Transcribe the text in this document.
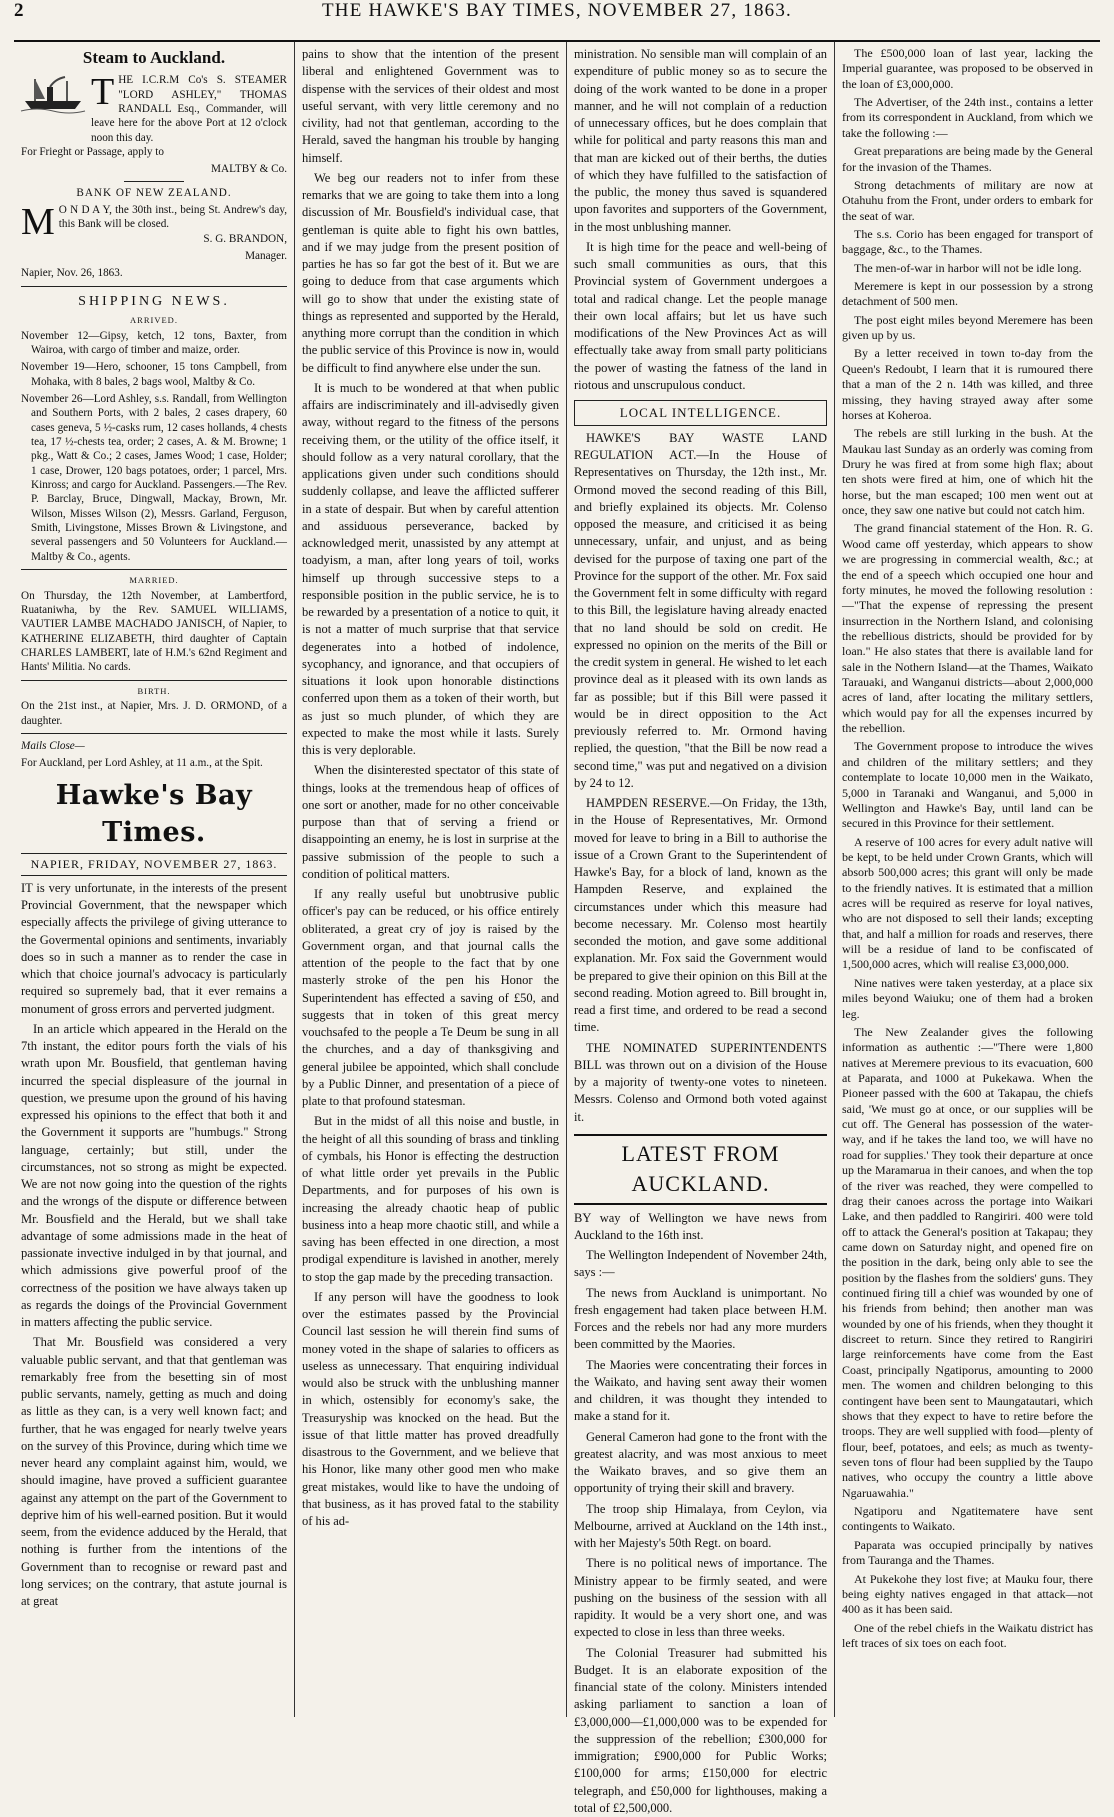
2	THE HAWKE'S BAY TIMES, NOVEMBER 27, 1863.
Steam to Auckland.
T HE I.C.R.M Co's S. STEAMER "LORD ASHLEY," THOMAS RANDALL Esq., Commander, will leave here for the above Port at 12 o'clock noon this day.

For Frieght or Passage, apply to

MALTBY & Co.

BANK OF NEW ZEALAND.

M O N D A Y, the 30th inst., being St. Andrew's day, this Bank will be closed.

S. G. BRANDON,

Manager.

Napier, Nov. 26, 1863.

SHIPPING NEWS.
ARRIVED.

November 12—Gipsy, ketch, 12 tons, Baxter, from Wairoa, with cargo of timber and maize, order.

November 19—Hero, schooner, 15 tons Campbell, from Mohaka, with 8 bales, 2 bags wool, Maltby & Co.

November 26—Lord Ashley, s.s. Randall, from Wellington and Southern Ports, with 2 bales, 2 cases drapery, 60 cases geneva, 5 ½-casks rum, 12 cases hollands, 4 chests tea, 17 ½-chests tea, order; 2 cases, A. & M. Browne; 1 pkg., Watt & Co.; 2 cases, James Wood; 1 case, Holder; 1 case, Drower, 120 bags potatoes, order; 1 parcel, Mrs. Kinross; and cargo for Auckland. Passengers.—The Rev. P. Barclay, Bruce, Dingwall, Mackay, Brown, Mr. Wilson, Misses Wilson (2), Messrs. Garland, Ferguson, Smith, Livingstone, Misses Brown & Livingstone, and several passengers and 50 Volunteers for Auckland.—Maltby & Co., agents.

MARRIED.

On Thursday, the 12th November, at Lambertford, Ruataniwha, by the Rev. SAMUEL WILLIAMS, VAUTIER LAMBE MACHADO JANISCH, of Napier, to KATHERINE ELIZABETH, third daughter of Captain CHARLES LAMBERT, late of H.M.'s 62nd Regiment and Hants' Militia. No cards.

BIRTH.

On the 21st inst., at Napier, Mrs. J. D. ORMOND, of a daughter.

Mails Close—

For Auckland, per Lord Ashley, at 11 a.m., at the Spit.

Hawke's Bay Times.
NAPIER, FRIDAY, NOVEMBER 27, 1863.

IT is very unfortunate, in the interests of the present Provincial Government, that the newspaper which especially affects the privilege of giving utterance to the Govermental opinions and sentiments, invariably does so in such a manner as to render the case in which that choice journal's advocacy is particularly required so supremely bad, that it ever remains a monument of gross errors and perverted judgment.

In an article which appeared in the Herald on the 7th instant, the editor pours forth the vials of his wrath upon Mr. Bousfield, that gentleman having incurred the special displeasure of the journal in question, we presume upon the ground of his having expressed his opinions to the effect that both it and the Government it supports are "humbugs." Strong language, certainly; but still, under the circumstances, not so strong as might be expected. We are not now going into the question of the rights and the wrongs of the dispute or difference between Mr. Bousfield and the Herald, but we shall take advantage of some admissions made in the heat of passionate invective indulged in by that journal, and which admissions give powerful proof of the correctness of the position we have always taken up as regards the doings of the Provincial Government in matters affecting the public service.

That Mr. Bousfield was considered a very valuable public servant, and that that gentleman was remarkably free from the besetting sin of most public servants, namely, getting as much and doing as little as they can, is a very well known fact; and further, that he was engaged for nearly twelve years on the survey of this Province, during which time we never heard any complaint against him, would, we should imagine, have proved a sufficient guarantee against any attempt on the part of the Government to deprive him of his well-earned position. But it would seem, from the evidence adduced by the Herald, that nothing is further from the intentions of the Government than to recognise or reward past and long services; on the contrary, that astute journal is at great

pains to show that the intention of the present liberal and enlightened Government was to dispense with the services of their oldest and most useful servant, with very little ceremony and no civility, had not that gentleman, according to the Herald, saved the hangman his trouble by hanging himself.

We beg our readers not to infer from these remarks that we are going to take them into a long discussion of Mr. Bousfield's individual case, that gentleman is quite able to fight his own battles, and if we may judge from the present position of parties he has so far got the best of it. But we are going to deduce from that case arguments which will go to show that under the existing state of things as represented and supported by the Herald, anything more corrupt than the condition in which the public service of this Province is now in, would be difficult to find anywhere else under the sun.

It is much to be wondered at that when public affairs are indiscriminately and ill-advisedly given away, without regard to the fitness of the persons receiving them, or the utility of the office itself, it should follow as a very natural corollary, that the applications given under such conditions should suddenly collapse, and leave the afflicted sufferer in a state of despair. But when by careful attention and assiduous perseverance, backed by acknowledged merit, unassisted by any attempt at toadyism, a man, after long years of toil, works himself up through successive steps to a responsible position in the public service, he is to be rewarded by a presentation of a notice to quit, it is not a matter of much surprise that that service degenerates into a hotbed of indolence, sycophancy, and ignorance, and that occupiers of situations it look upon honorable distinctions conferred upon them as a token of their worth, but as just so much plunder, of which they are expected to make the most while it lasts. Surely this is very deplorable.

When the disinterested spectator of this state of things, looks at the tremendous heap of offices of one sort or another, made for no other conceivable purpose than that of serving a friend or disappointing an enemy, he is lost in surprise at the passive submission of the people to such a condition of political matters.

If any really useful but unobtrusive public officer's pay can be reduced, or his office entirely obliterated, a great cry of joy is raised by the Government organ, and that journal calls the attention of the people to the fact that by one masterly stroke of the pen his Honor the Superintendent has effected a saving of £50, and suggests that in token of this great mercy vouchsafed to the people a Te Deum be sung in all the churches, and a day of thanksgiving and general jubilee be appointed, which shall conclude by a Public Dinner, and presentation of a piece of plate to that profound statesman.

But in the midst of all this noise and bustle, in the height of all this sounding of brass and tinkling of cymbals, his Honor is effecting the destruction of what little order yet prevails in the Public Departments, and for purposes of his own is increasing the already chaotic heap of public business into a heap more chaotic still, and while a saving has been effected in one direction, a most prodigal expenditure is lavished in another, merely to stop the gap made by the preceding transaction.

If any person will have the goodness to look over the estimates passed by the Provincial Council last session he will therein find sums of money voted in the shape of salaries to officers as useless as unnecessary. That enquiring individual would also be struck with the unblushing manner in which, ostensibly for economy's sake, the Treasuryship was knocked on the head. But the issue of that little matter has proved dreadfully disastrous to the Government, and we believe that his Honor, like many other good men who make great mistakes, would like to have the undoing of that business, as it has proved fatal to the stability of his ad-

ministration. No sensible man will complain of an expenditure of public money so as to secure the doing of the work wanted to be done in a proper manner, and he will not complain of a reduction of unnecessary offices, but he does complain that while for political and party reasons this man and that man are kicked out of their berths, the duties of which they have fulfilled to the satisfaction of the public, the money thus saved is squandered upon favorites and supporters of the Government, in the most unblushing manner.

It is high time for the peace and well-being of such small communities as ours, that this Provincial system of Government undergoes a total and radical change. Let the people manage their own local affairs; but let us have such modifications of the New Provinces Act as will effectually take away from small party politicians the power of wasting the fatness of the land in riotous and unscrupulous conduct.

LOCAL INTELLIGENCE.

HAWKE'S BAY WASTE LAND REGULATION ACT.—In the House of Representatives on Thursday, the 12th inst., Mr. Ormond moved the second reading of this Bill, and briefly explained its objects. Mr. Colenso opposed the measure, and criticised it as being unnecessary, unfair, and unjust, and as being devised for the purpose of taxing one part of the Province for the support of the other. Mr. Fox said the Government felt in some difficulty with regard to this Bill, the legislature having already enacted that no land should be sold on credit. He expressed no opinion on the merits of the Bill or the credit system in general. He wished to let each province deal as it pleased with its own lands as far as possible; but if this Bill were passed it would be in direct opposition to the Act previously referred to. Mr. Ormond having replied, the question, "that the Bill be now read a second time," was put and negatived on a division by 24 to 12.

HAMPDEN RESERVE.—On Friday, the 13th, in the House of Representatives, Mr. Ormond moved for leave to bring in a Bill to authorise the issue of a Crown Grant to the Superintendent of Hawke's Bay, for a block of land, known as the Hampden Reserve, and explained the circumstances under which this measure had become necessary. Mr. Colenso most heartily seconded the motion, and gave some additional explanation. Mr. Fox said the Government would be prepared to give their opinion on this Bill at the second reading. Motion agreed to. Bill brought in, read a first time, and ordered to be read a second time.

THE NOMINATED SUPERINTENDENTS BILL was thrown out on a division of the House by a majority of twenty-one votes to nineteen. Messrs. Colenso and Ormond both voted against it.

LATEST FROM AUCKLAND.

BY way of Wellington we have news from Auckland to the 16th inst.

The Wellington Independent of November 24th, says :—

The news from Auckland is unimportant. No fresh engagement had taken place between H.M. Forces and the rebels nor had any more murders been committed by the Maories.

The Maories were concentrating their forces in the Waikato, and having sent away their women and children, it was thought they intended to make a stand for it.

General Cameron had gone to the front with the greatest alacrity, and was most anxious to meet the Waikato braves, and so give them an opportunity of trying their skill and bravery.

The troop ship Himalaya, from Ceylon, via Melbourne, arrived at Auckland on the 14th inst., with her Majesty's 50th Regt. on board.

There is no political news of importance. The Ministry appear to be firmly seated, and were pushing on the business of the session with all rapidity. It would be a very short one, and was expected to close in less than three weeks.

The Colonial Treasurer had submitted his Budget. It is an elaborate exposition of the financial state of the colony. Ministers intended asking parliament to sanction a loan of £3,000,000—£1,000,000 was to be expended for the suppression of the rebellion; £300,000 for immigration; £900,000 for Public Works; £100,000 for arms; £150,000 for electric telegraph, and £50,000 for lighthouses, making a total of £2,500,000.

The £500,000 loan of last year, lacking the Imperial guarantee, was proposed to be observed in the loan of £3,000,000.

The Advertiser, of the 24th inst., contains a letter from its correspondent in Auckland, from which we take the following :—

Great preparations are being made by the General for the invasion of the Thames.

Strong detachments of military are now at Otahuhu from the Front, under orders to embark for the seat of war.

The s.s. Corio has been engaged for transport of baggage, &c., to the Thames.

The men-of-war in harbor will not be idle long.

Meremere is kept in our possession by a strong detachment of 500 men.

The post eight miles beyond Meremere has been given up by us.

By a letter received in town to-day from the Queen's Redoubt, I learn that it is rumoured there that a man of the 2 n. 14th was killed, and three missing, they having strayed away after some horses at Koheroa.

The rebels are still lurking in the bush. At the Maukau last Sunday as an orderly was coming from Drury he was fired at from some high flax; about ten shots were fired at him, one of which hit the horse, but the man escaped; 100 men went out at once, they saw one native but could not catch him.

The grand financial statement of the Hon. R. G. Wood came off yesterday, which appears to show we are progressing in commercial wealth, &c.; at the end of a speech which occupied one hour and forty minutes, he moved the following resolution :—"That the expense of repressing the present insurrection in the Northern Island, and colonising the rebellious districts, should be provided for by loan." He also states that there is available land for sale in the Nothern Island—at the Thames, Waikato Tarauaki, and Wanganui districts—about 2,000,000 acres of land, after locating the military settlers, which would pay for all the expenses incurred by the rebellion.

The Government propose to introduce the wives and children of the military settlers; and they contemplate to locate 10,000 men in the Waikato, 5,000 in Taranaki and Wanganui, and 5,000 in Wellington and Hawke's Bay, until land can be secured in this Province for their settlement.

A reserve of 100 acres for every adult native will be kept, to be held under Crown Grants, which will absorb 500,000 acres; this grant will only be made to the friendly natives. It is estimated that a million acres will be required as reserve for loyal natives, who are not disposed to sell their lands; excepting that, and half a million for roads and reserves, there will be a residue of land to be confiscated of 1,500,000 acres, which will realise £3,000,000.

Nine natives were taken yesterday, at a place six miles beyond Waiuku; one of them had a broken leg.

The New Zealander gives the following information as authentic :—"There were 1,800 natives at Meremere previous to its evacuation, 600 at Paparata, and 1000 at Pukekawa. When the Pioneer passed with the 600 at Takapau, the chiefs said, 'We must go at once, or our supplies will be cut off. The General has possession of the water-way, and if he takes the land too, we will have no road for supplies.' They took their departure at once up the Maramarua in their canoes, and when the top of the river was reached, they were compelled to drag their canoes across the portage into Waikari Lake, and then paddled to Rangiriri. 400 were told off to attack the General's position at Takapau; they came down on Saturday night, and opened fire on the position in the dark, being only able to see the position by the flashes from the soldiers' guns. They continued firing till a chief was wounded by one of his friends from behind; then another man was wounded by one of his friends, when they thought it discreet to return. Since they retired to Rangiriri large reinforcements have come from the East Coast, principally Ngatiporus, amounting to 2000 men. The women and children belonging to this contingent have been sent to Maungatautari, which shows that they expect to have to retire before the troops. They are well supplied with food—plenty of flour, beef, potatoes, and eels; as much as twenty-seven tons of flour had been supplied by the Taupo natives, who occupy the country a little above Ngaruawahia."

Ngatiporu and Ngatitematere have sent contingents to Waikato.

Paparata was occupied principally by natives from Tauranga and the Thames.

At Pukekohe they lost five; at Mauku four, there being eighty natives engaged in that attack—not 400 as it has been said.

One of the rebel chiefs in the Waikatu district has left traces of six toes on each foot.
